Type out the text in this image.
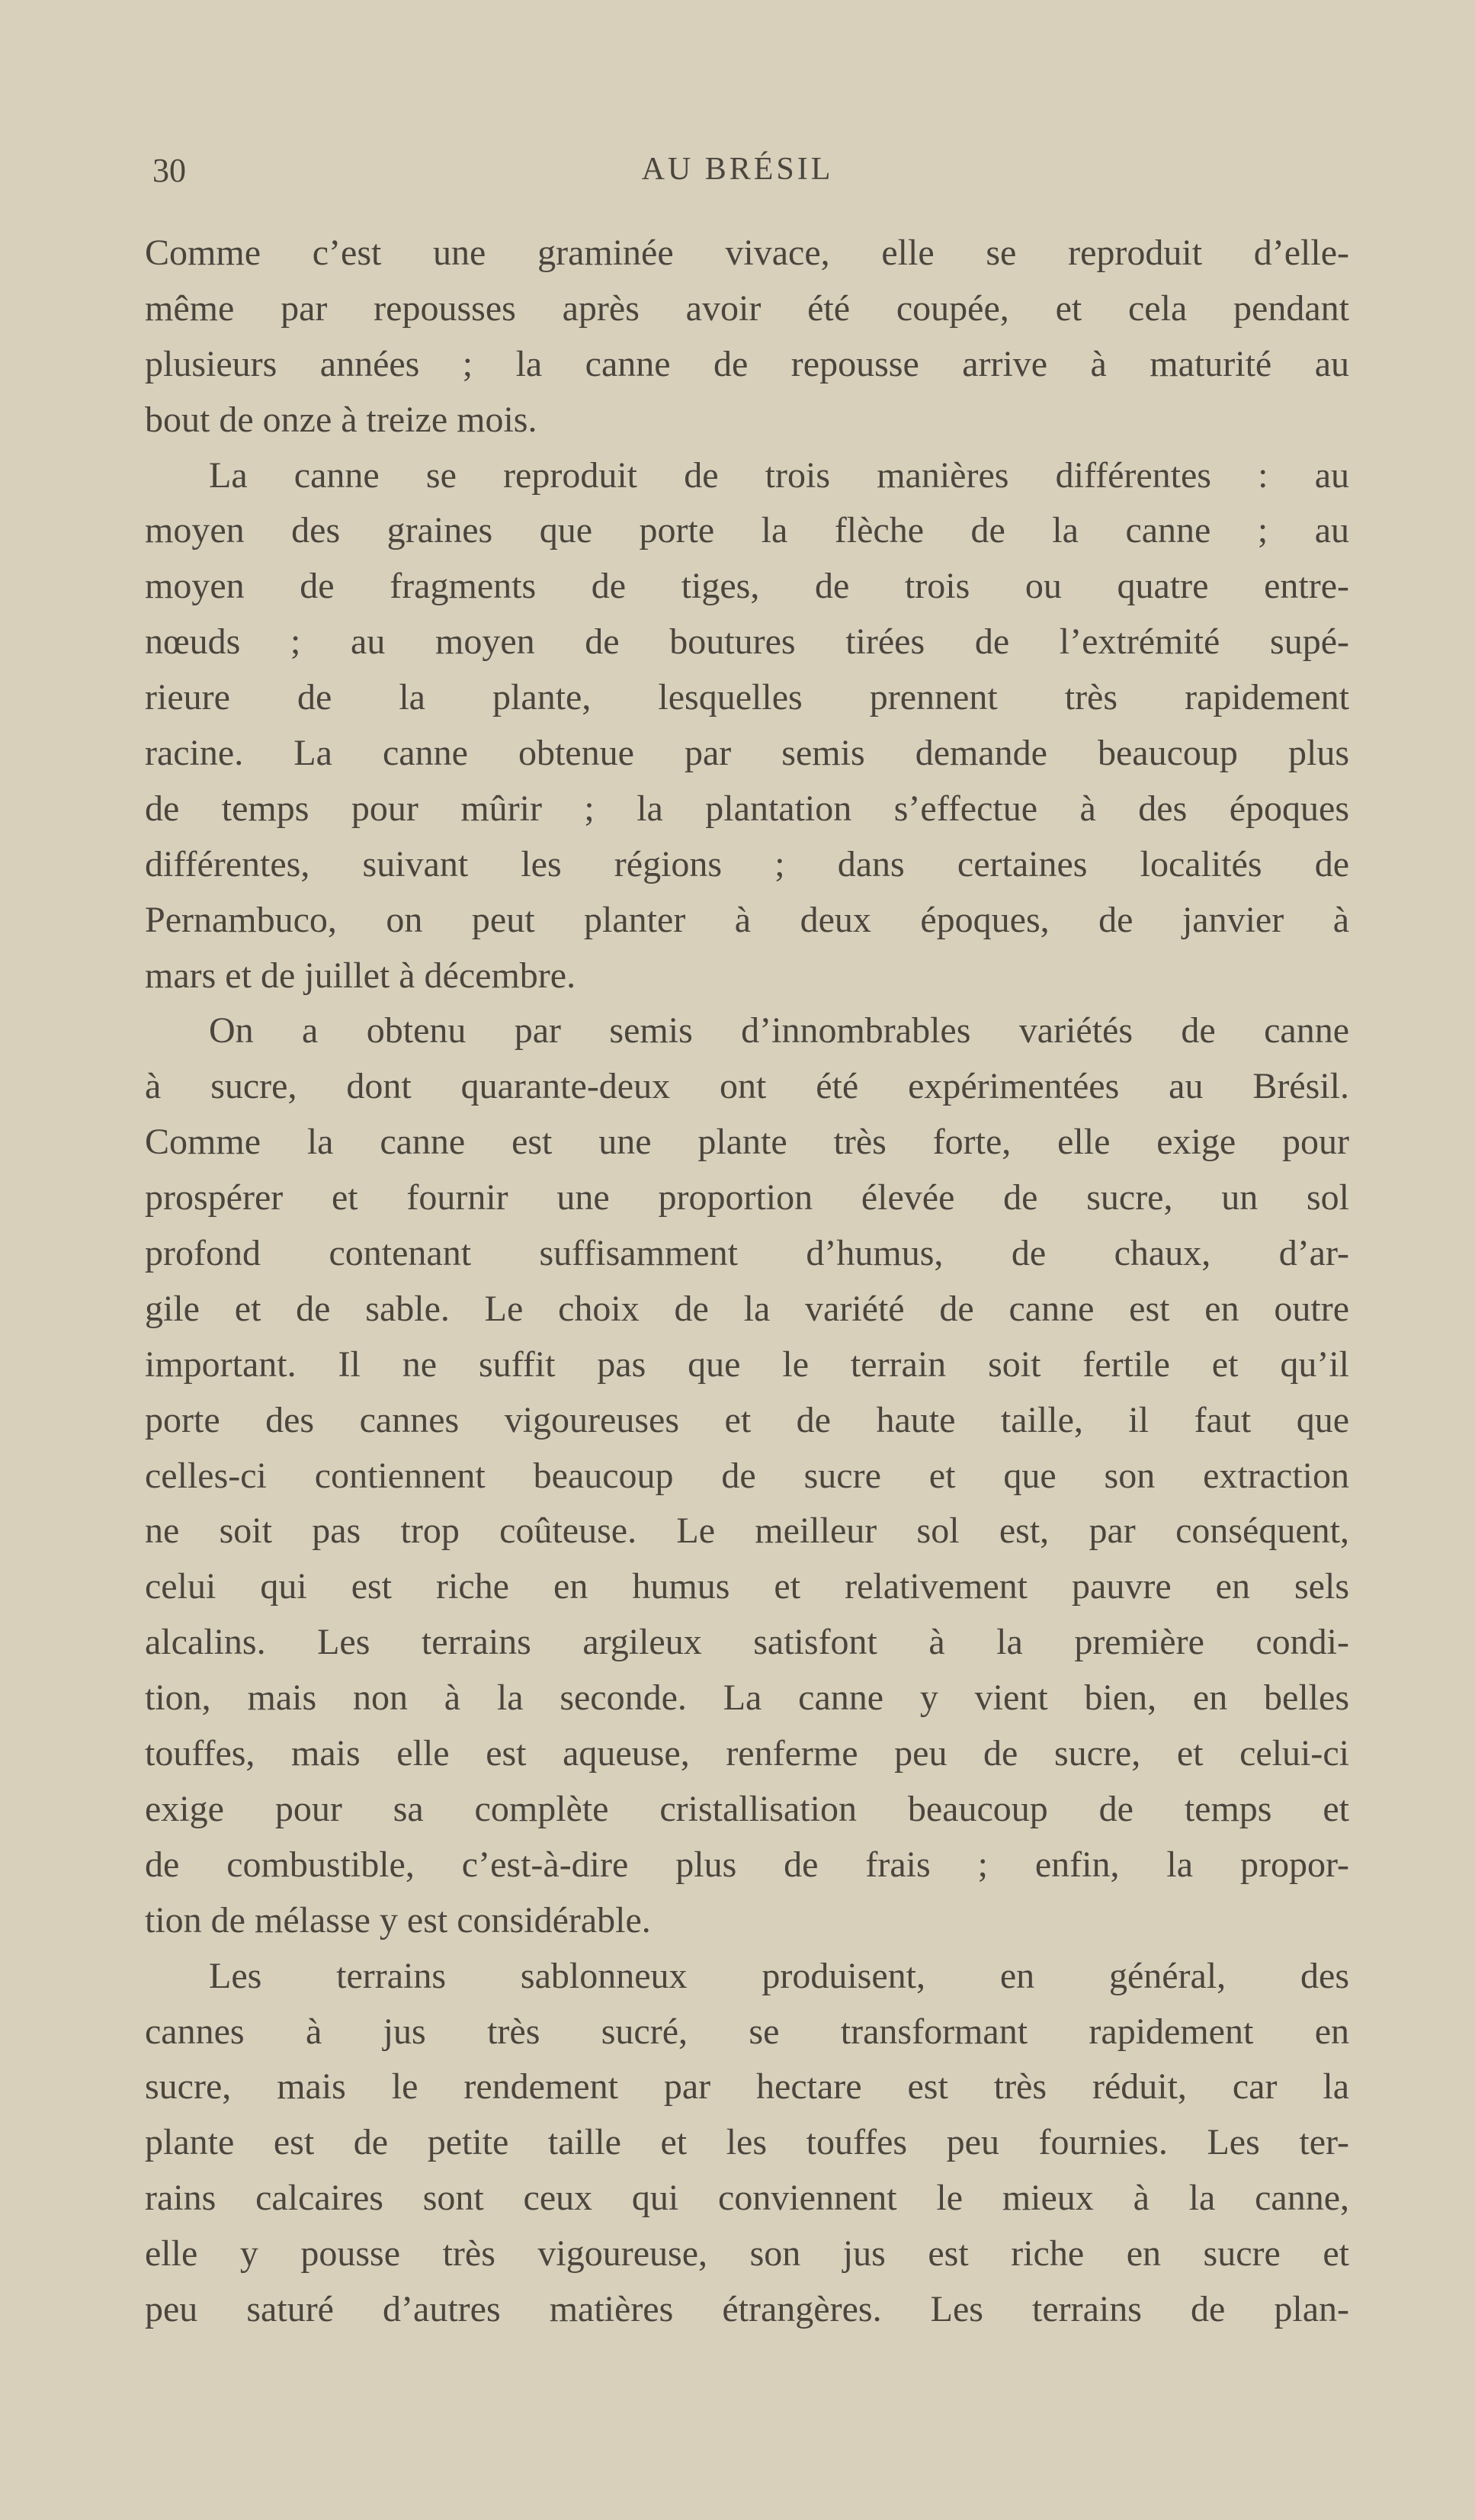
30	AU BRÉSIL
Comme c’est une graminée vivace, elle se reproduit d’elle-
même par repousses après avoir été coupée, et cela pendant
plusieurs années ; la canne de repousse arrive à maturité au
bout de onze à treize mois.
La canne se reproduit de trois manières différentes : au
moyen des graines que porte la flèche de la canne ; au
moyen de fragments de tiges, de trois ou quatre entre-
nœuds ; au moyen de boutures tirées de l’extrémité supé-
rieure de la plante, lesquelles prennent très rapidement
racine. La canne obtenue par semis demande beaucoup plus
de temps pour mûrir ; la plantation s’effectue à des époques
différentes, suivant les régions ; dans certaines localités de
Pernambuco, on peut planter à deux époques, de janvier à
mars et de juillet à décembre.
On a obtenu par semis d’innombrables variétés de canne
à sucre, dont quarante-deux ont été expérimentées au Brésil.
Comme la canne est une plante très forte, elle exige pour
prospérer et fournir une proportion élevée de sucre, un sol
profond contenant suffisamment d’humus, de chaux, d’ar-
gile et de sable. Le choix de la variété de canne est en outre
important. Il ne suffit pas que le terrain soit fertile et qu’il
porte des cannes vigoureuses et de haute taille, il faut que
celles-ci contiennent beaucoup de sucre et que son extraction
ne soit pas trop coûteuse. Le meilleur sol est, par conséquent,
celui qui est riche en humus et relativement pauvre en sels
alcalins. Les terrains argileux satisfont à la première condi-
tion, mais non à la seconde. La canne y vient bien, en belles
touffes, mais elle est aqueuse, renferme peu de sucre, et celui-ci
exige pour sa complète cristallisation beaucoup de temps et
de combustible, c’est-à-dire plus de frais ; enfin, la propor-
tion de mélasse y est considérable.
Les terrains sablonneux produisent, en général, des
cannes à jus très sucré, se transformant rapidement en
sucre, mais le rendement par hectare est très réduit, car la
plante est de petite taille et les touffes peu fournies. Les ter-
rains calcaires sont ceux qui conviennent le mieux à la canne,
elle y pousse très vigoureuse, son jus est riche en sucre et
peu saturé d’autres matières étrangères. Les terrains de plan-
